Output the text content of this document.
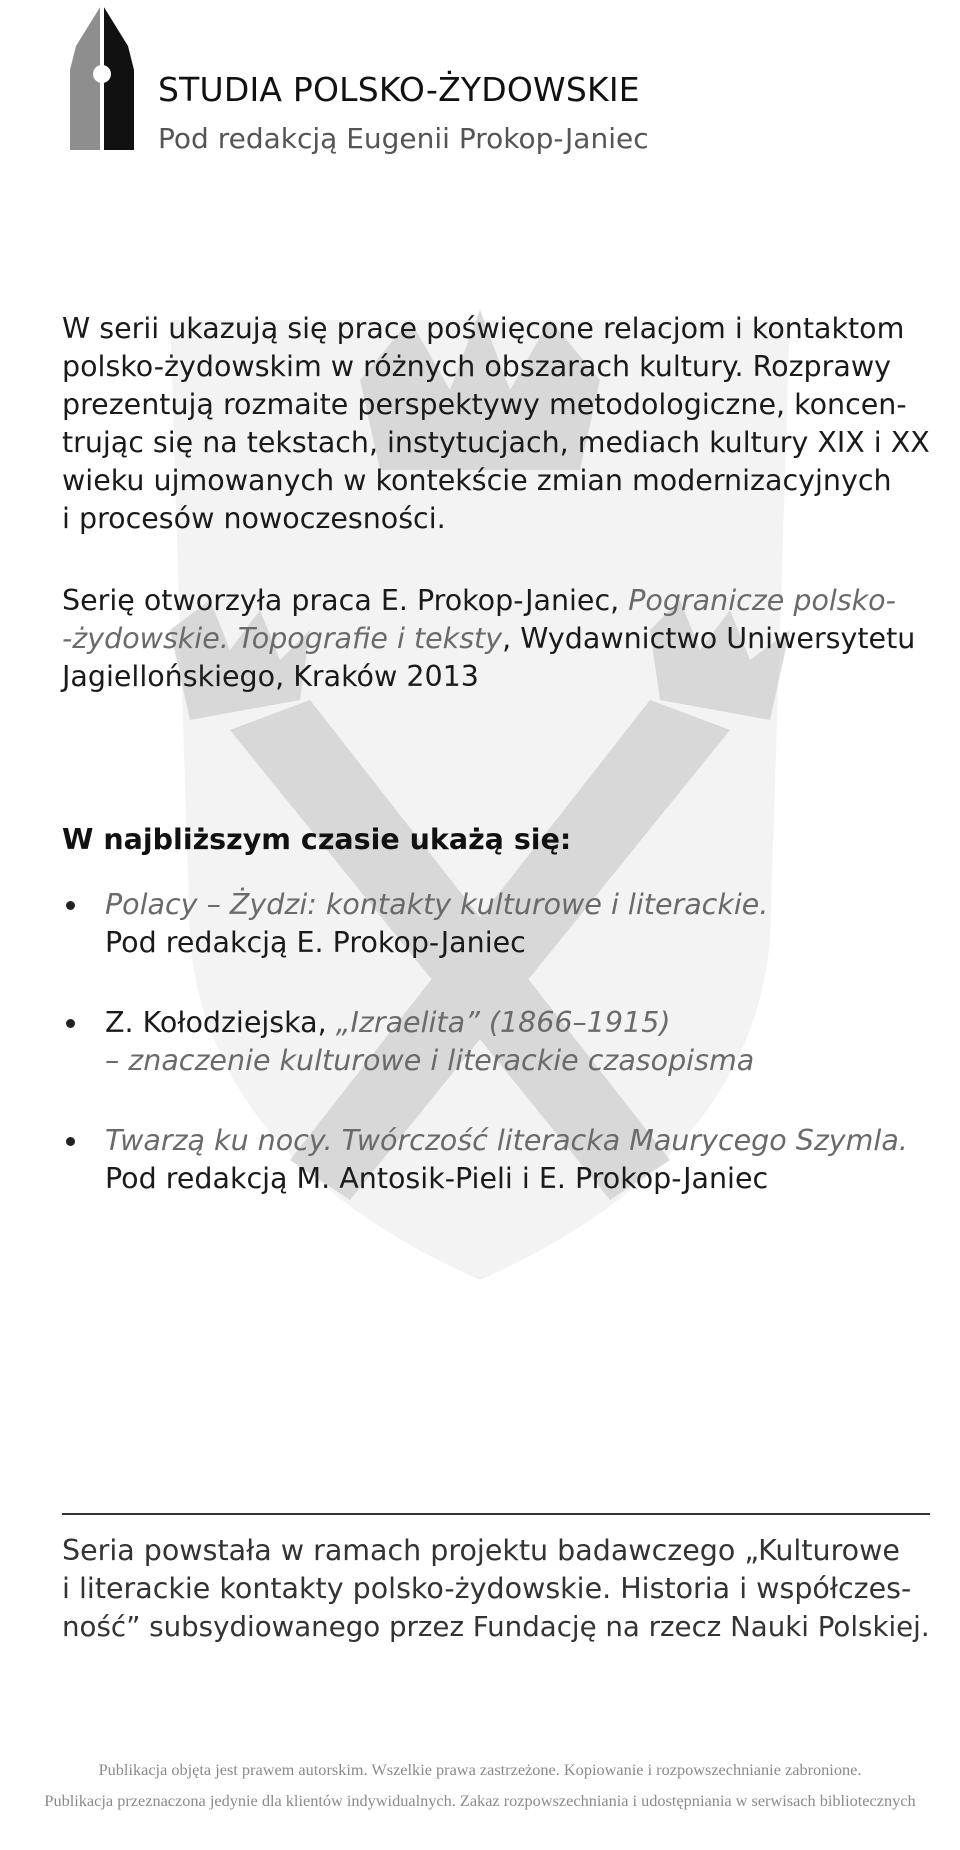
STUDIA POLSKO-ŻYDOWSKIE
Pod redakcją Eugenii Prokop-Janiec
W serii ukazują się prace poświęcone relacjom i kontaktom
polsko-żydowskim w różnych obszarach kultury. Rozprawy
prezentują rozmaite perspektywy metodologiczne, koncen-
trując się na tekstach, instytucjach, mediach kultury XIX i XX
wieku ujmowanych w kontekście zmian modernizacyjnych
i procesów nowoczesności.
Serię otworzyła praca E. Prokop-Janiec, Pogranicze polsko-
-żydowskie. Topografie i teksty, Wydawnictwo Uniwersytetu
Jagiellońskiego, Kraków 2013
W najbliższym czasie ukażą się:
Polacy – Żydzi: kontakty kulturowe i literackie.
Pod redakcją E. Prokop-Janiec
Z. Kołodziejska, „Izraelita” (1866–1915)
– znaczenie kulturowe i literackie czasopisma
Twarzą ku nocy. Twórczość literacka Maurycego Szymla.
Pod redakcją M. Antosik-Pieli i E. Prokop-Janiec
Seria powstała w ramach projektu badawczego „Kulturowe
i literackie kontakty polsko-żydowskie. Historia i współczes-
ność” subsydiowanego przez Fundację na rzecz Nauki Polskiej.
Publikacja objęta jest prawem autorskim. Wszelkie prawa zastrzeżone. Kopiowanie i rozpowszechnianie zabronione.
Publikacja przeznaczona jedynie dla klientów indywidualnych. Zakaz rozpowszechniania i udostępniania w serwisach bibliotecznych
